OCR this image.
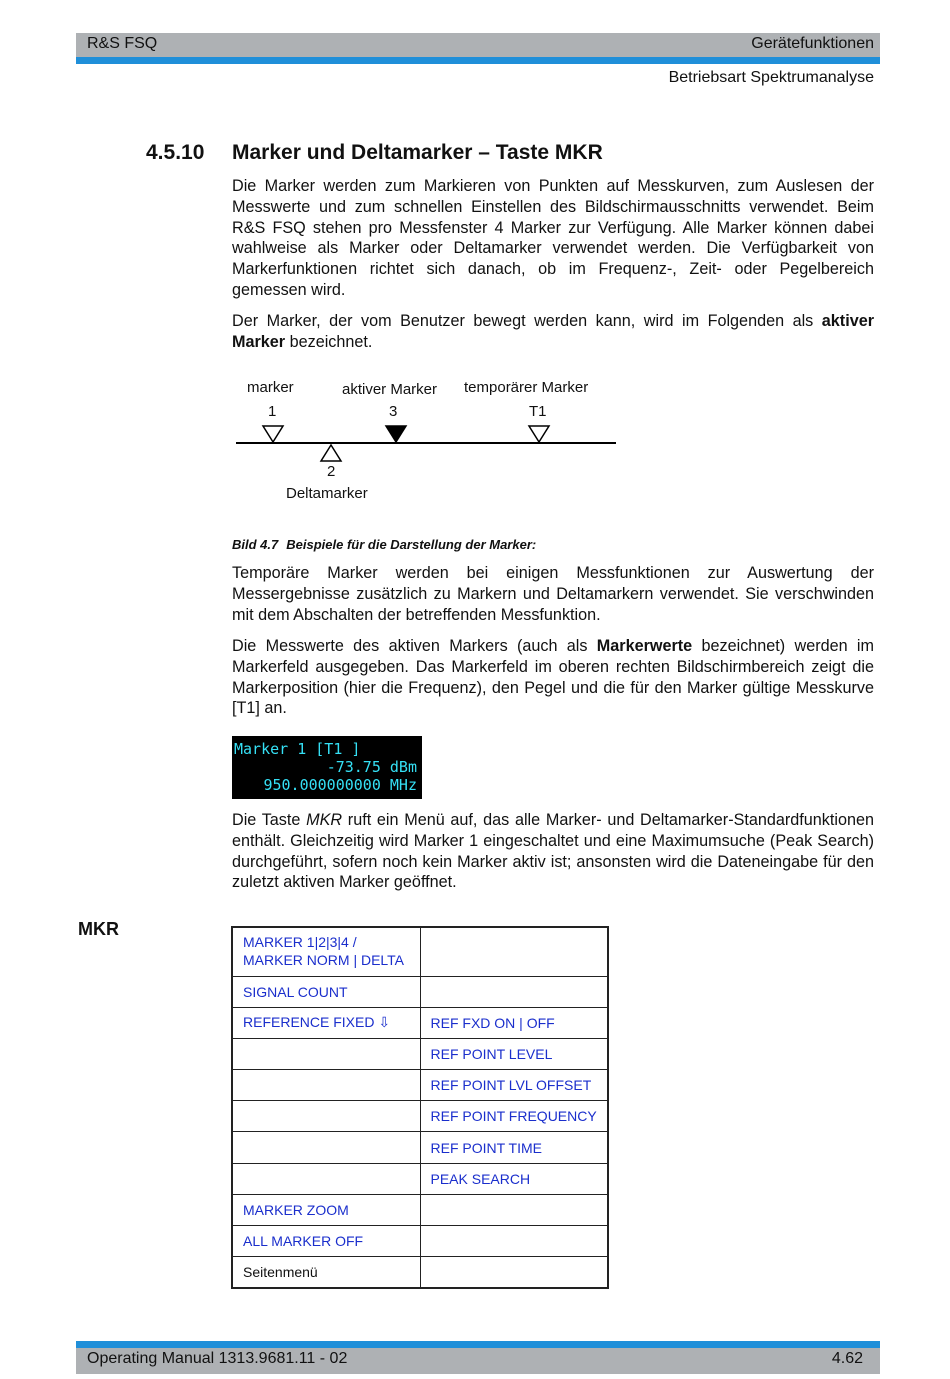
R&S FSQ	Gerätefunktionen
Betriebsart Spektrumanalyse
4.5.10 Marker und Deltamarker – Taste MKR

Die Marker werden zum Markieren von Punkten auf Messkurven, zum Auslesen der Messwerte und zum schnellen Einstellen des Bildschirmausschnitts verwendet. Beim R&S FSQ stehen pro Messfenster 4 Marker zur Verfügung. Alle Marker können dabei wahlweise als Marker oder Deltamarker verwendet werden. Die Verfügbarkeit von Markerfunktionen richtet sich danach, ob im Frequenz-, Zeit- oder Pegelbereich gemessen wird.

Der Marker, der vom Benutzer bewegt werden kann, wird im Folgenden als aktiver Marker bezeichnet.

marker
1
aktiver Marker
3
temporärer Marker
T1
2
Deltamarker
Bild 4.7 Beispiele für die Darstellung der Marker:

Temporäre Marker werden bei einigen Messfunktionen zur Auswertung der Messergebnisse zusätzlich zu Markern und Deltamarkern verwendet. Sie verschwinden mit dem Abschalten der betreffenden Messfunktion.

Die Messwerte des aktiven Markers (auch als Markerwerte bezeichnet) werden im Markerfeld ausgegeben. Das Markerfeld im oberen rechten Bildschirmbereich zeigt die Markerposition (hier die Frequenz), den Pegel und die für den Marker gültige Messkurve [T1] an.

Marker 1 [T1 ]
-73.75 dBm
950.000000000 MHz

Die Taste MKR ruft ein Menü auf, das alle Marker- und Deltamarker-Standardfunktionen enthält. Gleichzeitig wird Marker 1 eingeschaltet und eine Maximumsuche (Peak Search) durchgeführt, sofern noch kein Marker aktiv ist; ansonsten wird die Dateneingabe für den zuletzt aktiven Marker geöffnet.

MKR
MARKER 1|2|3|4 / MARKER NORM | DELTA	
SIGNAL COUNT	
REFERENCE FIXED ⇩	REF FXD ON | OFF
	REF POINT LEVEL
	REF POINT LVL OFFSET
	REF POINT FREQUENCY
	REF POINT TIME
	PEAK SEARCH
MARKER ZOOM	
ALL MARKER OFF	
Seitenmenü	
Operating Manual 1313.9681.11 - 02	4.62
